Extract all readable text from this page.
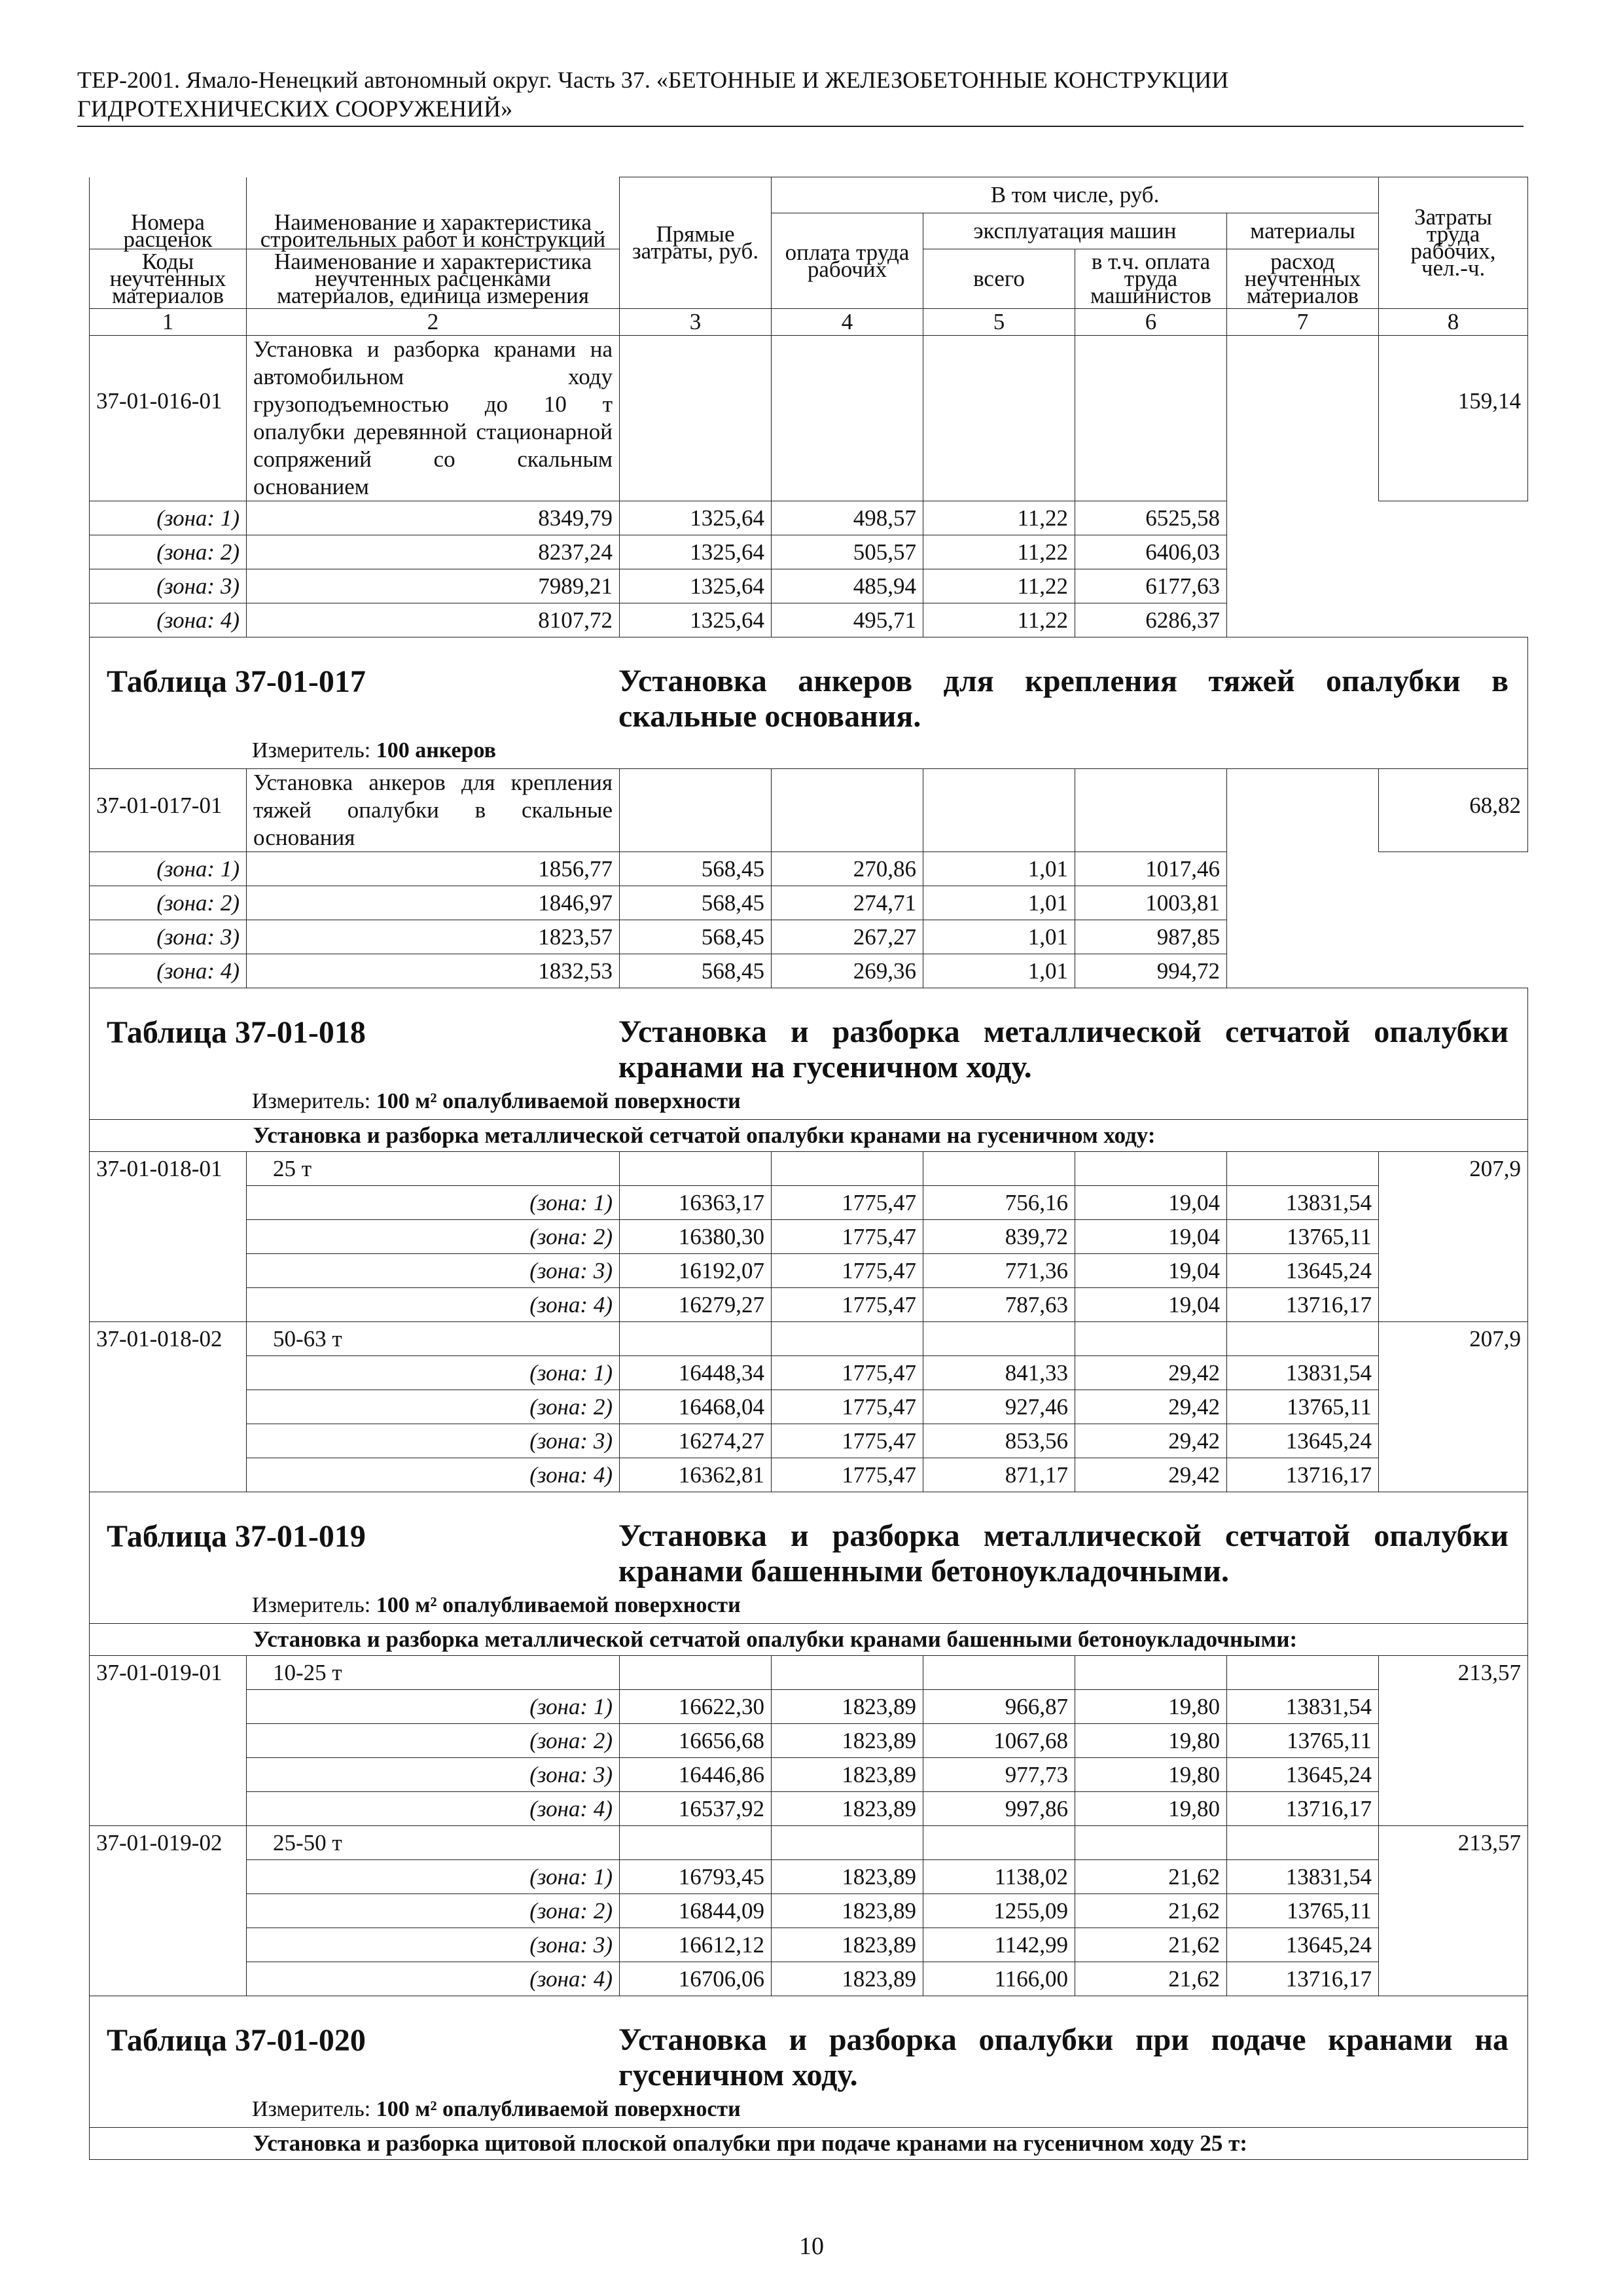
ТЕР-2001. Ямало-Ненецкий автономный округ. Часть 37. «БЕТОННЫЕ И ЖЕЛЕЗОБЕТОННЫЕ КОНСТРУКЦИИ
ГИДРОТЕХНИЧЕСКИХ СООРУЖЕНИЙ»
		Прямые затраты, руб.	В том числе, руб.				Затраты труда рабочих, чел.-ч.
Номера расценок	Наименование и характеристика строительных работ и конструкций		оплата труда рабочих	эксплуатация машин		материалы	
Коды неучтенных материалов	Наименование и характеристика неучтенных расценками материалов, единица измерения			всего	в т.ч. оплата труда машинистов	расход неучтенных материалов	
1	2	3	4	5	6	7	8
37-01-016-01	Установка и разборка кранами на автомобильном ходу грузоподъемностью до 10 т опалубки деревянной стационарной сопряжений со скальным основанием						159,14
(зона: 1)	8349,79	1325,64	498,57	11,22	6525,58		
(зона: 2)	8237,24	1325,64	505,57	11,22	6406,03		
(зона: 3)	7989,21	1325,64	485,94	11,22	6177,63		
(зона: 4)	8107,72	1325,64	495,71	11,22	6286,37		

Таблица 37-01-017 Установка анкеров для крепления тяжей опалубки в скальные основания.
Измеритель: 100 анкеров							

37-01-017-01	Установка анкеров для крепления тяжей опалубки в скальные основания						68,82
(зона: 1)	1856,77	568,45	270,86	1,01	1017,46		
(зона: 2)	1846,97	568,45	274,71	1,01	1003,81		
(зона: 3)	1823,57	568,45	267,27	1,01	987,85		
(зона: 4)	1832,53	568,45	269,36	1,01	994,72		

Таблица 37-01-018 Установка и разборка металлической сетчатой опалубки кранами на гусеничном ходу.
Измеритель: 100 м² опалубливаемой поверхности							

	Установка и разборка металлической сетчатой опалубки кранами на гусеничном ходу:						
37-01-018-01	25 т						207,9
	(зона: 1)	16363,17	1775,47	756,16	19,04	13831,54	
	(зона: 2)	16380,30	1775,47	839,72	19,04	13765,11	
	(зона: 3)	16192,07	1775,47	771,36	19,04	13645,24	
	(зона: 4)	16279,27	1775,47	787,63	19,04	13716,17	
37-01-018-02	50-63 т						207,9
	(зона: 1)	16448,34	1775,47	841,33	29,42	13831,54	
	(зона: 2)	16468,04	1775,47	927,46	29,42	13765,11	
	(зона: 3)	16274,27	1775,47	853,56	29,42	13645,24	
	(зона: 4)	16362,81	1775,47	871,17	29,42	13716,17	

Таблица 37-01-019 Установка и разборка металлической сетчатой опалубки кранами башенными бетоноукладочными.
Измеритель: 100 м² опалубливаемой поверхности							

	Установка и разборка металлической сетчатой опалубки кранами башенными бетоноукладочными:						
37-01-019-01	10-25 т						213,57
	(зона: 1)	16622,30	1823,89	966,87	19,80	13831,54	
	(зона: 2)	16656,68	1823,89	1067,68	19,80	13765,11	
	(зона: 3)	16446,86	1823,89	977,73	19,80	13645,24	
	(зона: 4)	16537,92	1823,89	997,86	19,80	13716,17	
37-01-019-02	25-50 т						213,57
	(зона: 1)	16793,45	1823,89	1138,02	21,62	13831,54	
	(зона: 2)	16844,09	1823,89	1255,09	21,62	13765,11	
	(зона: 3)	16612,12	1823,89	1142,99	21,62	13645,24	
	(зона: 4)	16706,06	1823,89	1166,00	21,62	13716,17	

Таблица 37-01-020 Установка и разборка опалубки при подаче кранами на гусеничном ходу.
Измеритель: 100 м² опалубливаемой поверхности							

	Установка и разборка щитовой плоской опалубки при подаче кранами на гусеничном ходу 25 т:						
10
